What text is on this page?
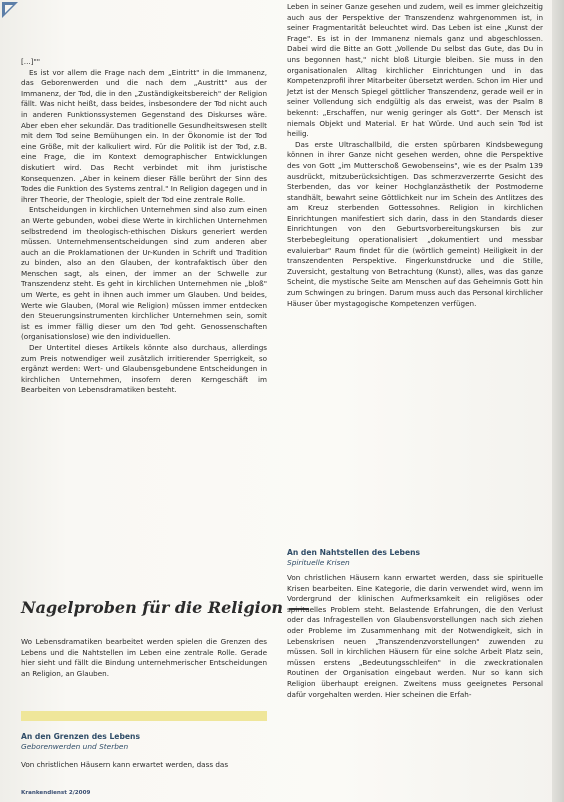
[...]""

Es ist vor allem die Frage nach dem „Eintritt" in die Immanenz, das Geborenwerden und die nach dem „Austritt" aus der Immanenz, der Tod, die in den „Zuständigkeitsbereich" der Religion fällt. Was nicht heißt, dass beides, insbesondere der Tod nicht auch in anderen Funktionssystemen Gegenstand des Diskurses wäre. Aber eben eher sekundär. Das traditionelle Gesundheitswesen stellt mit dem Tod seine Bemühungen ein. In der Ökonomie ist der Tod eine Größe, mit der kalkuliert wird. Für die Politik ist der Tod, z.B. eine Frage, die im Kontext demographischer Entwicklungen diskutiert wird. Das Recht verbindet mit ihm juristische Konsequenzen. „Aber in keinem dieser Fälle berührt der Sinn des Todes die Funktion des Systems zentral." In Religion dagegen und in ihrer Theorie, der Theologie, spielt der Tod eine zentrale Rolle.

Entscheidungen in kirchlichen Unternehmen sind also zum einen an Werte gebunden, wobei diese Werte in kirchlichen Unternehmen selbstredend im theologisch-ethischen Diskurs generiert werden müssen. Unternehmensentscheidungen sind zum anderen aber auch an die Proklamationen der Ur-Kunden in Schrift und Tradition zu binden, also an den Glauben, der kontrafaktisch über den Menschen sagt, als einen, der immer an der Schwelle zur Transzendenz steht. Es geht in kirchlichen Unternehmen nie „bloß" um Werte, es geht in ihnen auch immer um Glauben. Und beides, Werte wie Glauben, (Moral wie Religion) müssen immer entdecken den Steuerungsinstrumenten kirchlicher Unternehmen sein, somit ist es immer fällig dieser um den Tod geht. Genossenschaften (organisationslose) wie den individuellen.

Der Untertitel dieses Artikels könnte also durchaus, allerdings zum Preis notwendiger weil zusätzlich irritierender Sperrigkeit, so ergänzt werden: Wert- und Glaubensgebundene Entscheidungen in kirchlichen Unternehmen, insofern deren Kerngeschäft im Bearbeiten von Lebensdramatiken besteht.

Nagelproben für die Religion

Wo Lebensdramatiken bearbeitet werden spielen die Grenzen des Lebens und die Nahtstellen im Leben eine zentrale Rolle. Gerade hier sieht und fällt die Bindung unternehmerischer Entscheidungen an Religion, an Glauben.

An den Grenzen des Lebens
Geborenwerden und Sterben

Von christlichen Häusern kann erwartet werden, dass das

Leben in seiner Ganze gesehen und zudem, weil es immer gleichzeitig auch aus der Perspektive der Transzendenz wahrgenommen ist, in seiner Fragmentarität beleuchtet wird. Das Leben ist eine „Kunst der Frage". Es ist in der Immanenz niemals ganz und abgeschlossen. Dabei wird die Bitte an Gott „Vollende Du selbst das Gute, das Du in uns begonnen hast," nicht bloß Liturgie bleiben. Sie muss in den organisationalen Alltag kirchlicher Einrichtungen und in das Kompetenzprofil ihrer Mitarbeiter übersetzt werden. Schon im Hier und Jetzt ist der Mensch Spiegel göttlicher Transzendenz, gerade weil er in seiner Vollendung sich endgültig als das erweist, was der Psalm 8 bekennt: „Erschaffen, nur wenig geringer als Gott". Der Mensch ist niemals Objekt und Material. Er hat Würde. Und auch sein Tod ist heilig.

Das erste Ultraschallbild, die ersten spürbaren Kindsbewegung können in ihrer Ganze nicht gesehen werden, ohne die Perspektive des von Gott „im Mutterschoß Gewobenseins", wie es der Psalm 139 ausdrückt, mitzuberücksichtigen. Das schmerzverzerrte Gesicht des Sterbenden, das vor keiner Hochglanzästhetik der Postmoderne standhält, bewahrt seine Göttlichkeit nur im Schein des Antlitzes des am Kreuz sterbenden Gottessohnes. Religion in kirchlichen Einrichtungen manifestiert sich darin, dass in den Standards dieser Einrichtungen von den Geburtsvorbereitungskursen bis zur Sterbebegleitung operationalisiert „dokumentiert und messbar evaluierbar" Raum findet für die (wörtlich gemeint) Heiligkeit in der transzendenten Perspektive. Fingerkunstdrucke und die Stille, Zuversicht, gestaltung von Betrachtung (Kunst), alles, was das ganze Scheint, die mystische Seite am Menschen auf das Geheimnis Gott hin zum Schwingen zu bringen. Darum muss auch das Personal kirchlicher Häuser über mystagogische Kompetenzen verfügen.

An den Nahtstellen des Lebens
Spirituelle Krisen

Von christlichen Häusern kann erwartet werden, dass sie spirituelle Krisen bearbeiten. Eine Kategorie, die darin verwendet wird, wenn im Vordergrund der klinischen Aufmerksamkeit ein religiöses oder spirituelles Problem steht. Belastende Erfahrungen, die den Verlust oder das Infragestellen von Glaubensvorstellungen nach sich ziehen oder Probleme im Zusammenhang mit der Notwendigkeit, sich in Lebenskrisen neuen „Transzendenzvorstellungen" zuwenden zu müssen. Soll in kirchlichen Häusern für eine solche Arbeit Platz sein, müssen erstens „Bedeutungsschleifen" in die zweckrationalen Routinen der Organisation eingebaut werden. Nur so kann sich Religion überhaupt ereignen. Zweitens muss geeignetes Personal dafür vorgehalten werden. Hier scheinen die Erfah-

Krankendienst 2/2009
